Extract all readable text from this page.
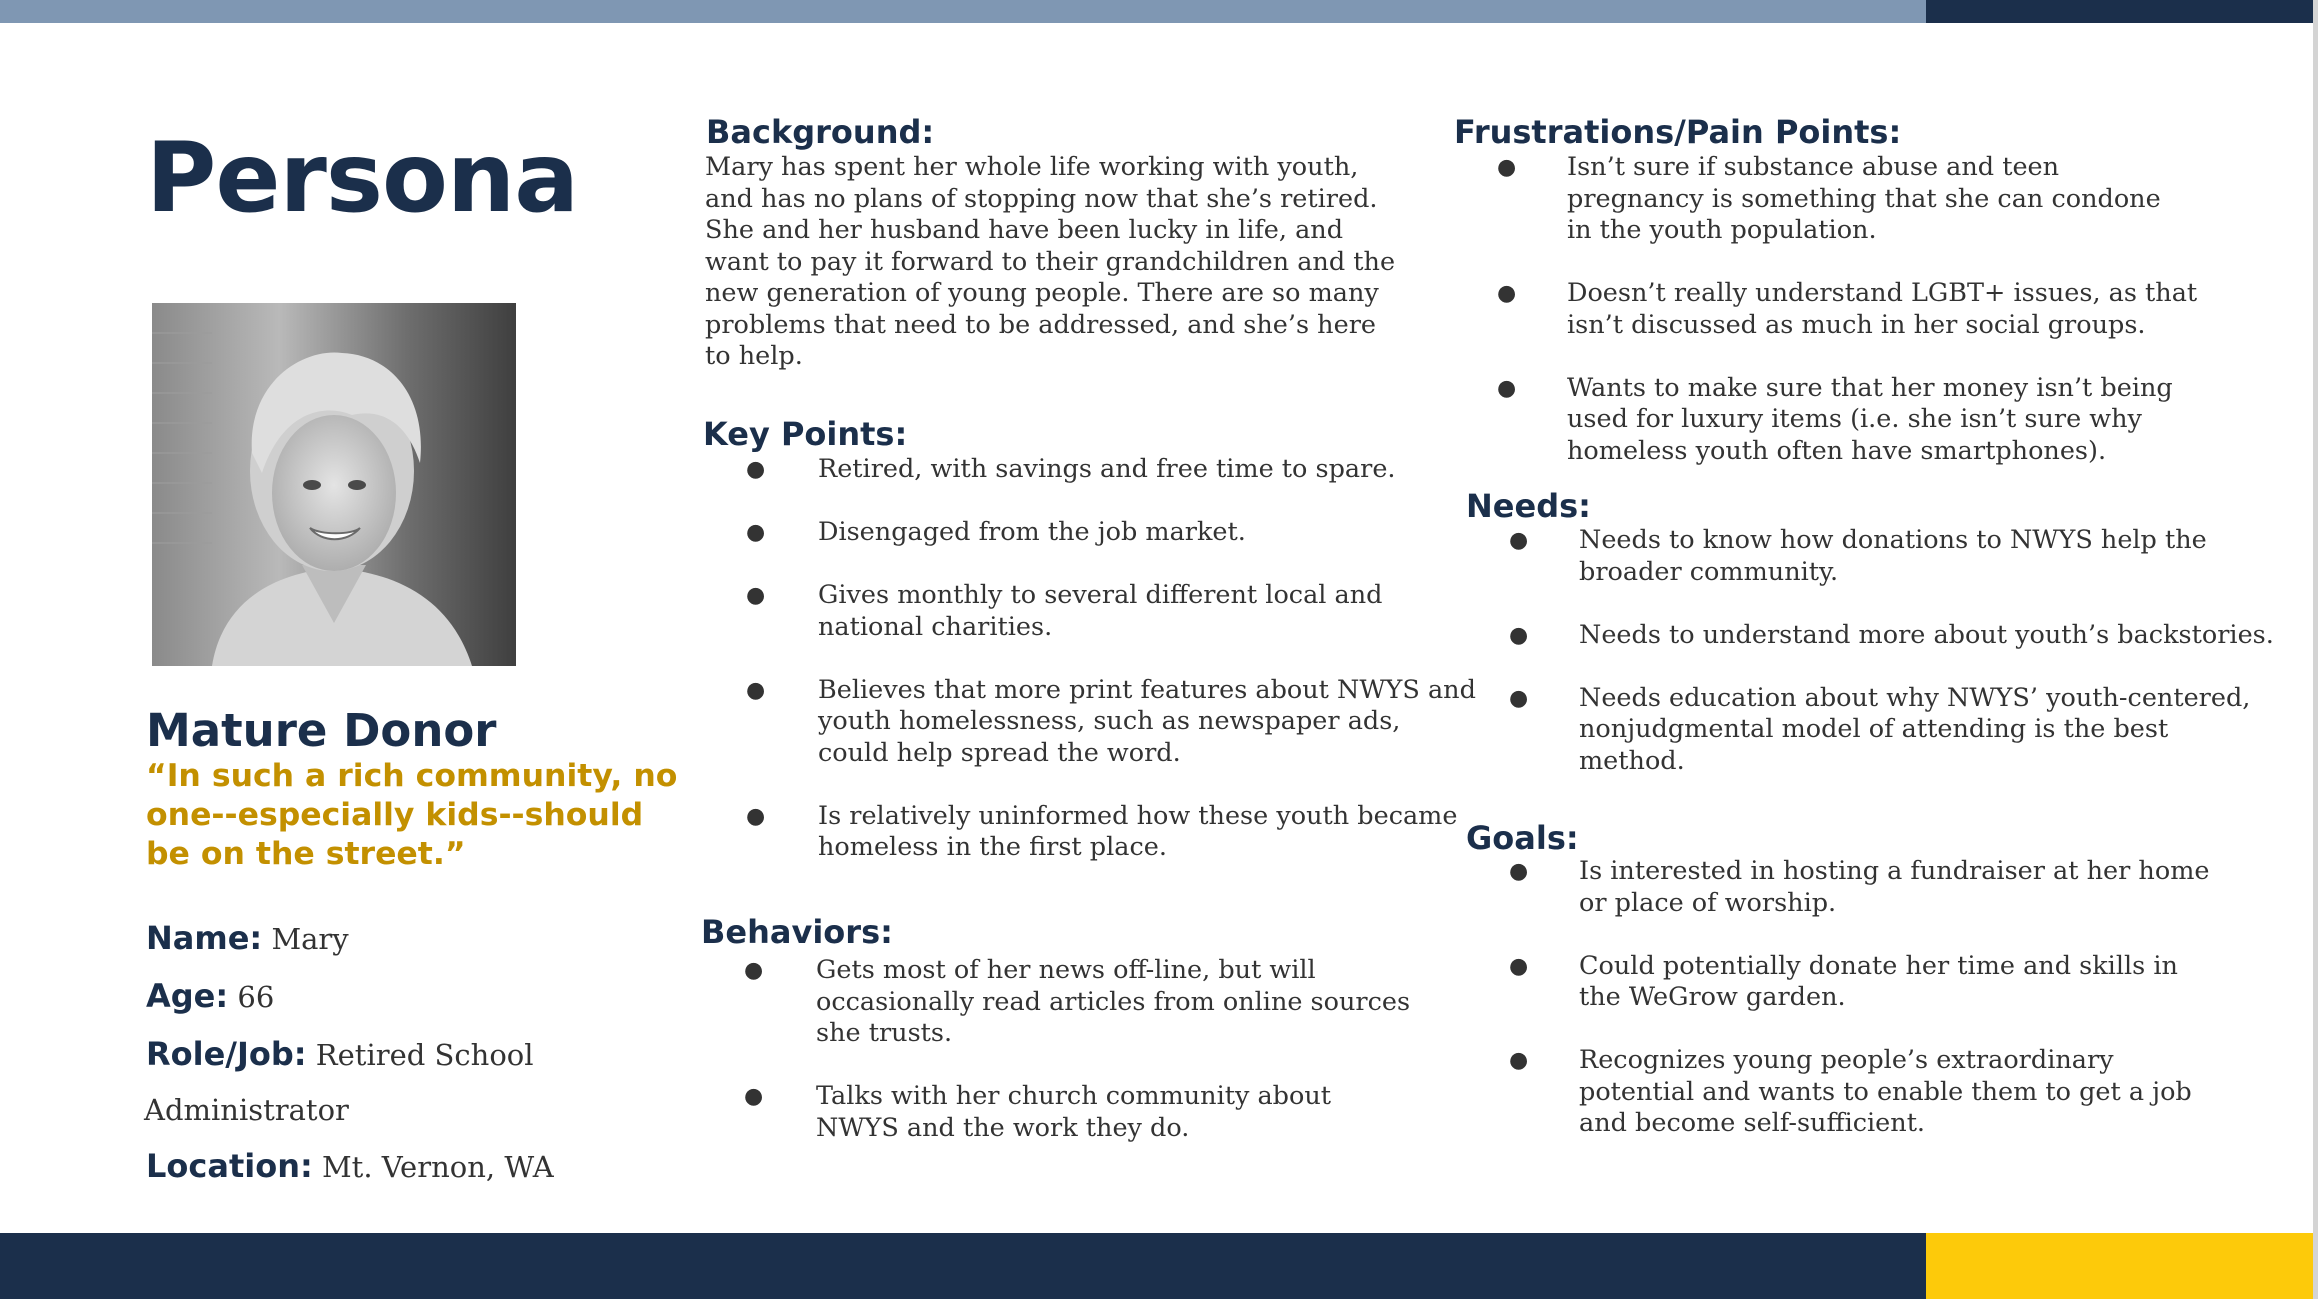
Persona
Mature Donor

“In such a rich community, no one--especially kids--should be on the street.”

Name: Mary
Age: 66
Role/Job: Retired School
Administrator
Location: Mt. Vernon, WA
Background:
Mary has spent her whole life working with youth,
and has no plans of stopping now that she’s retired.
She and her husband have been lucky in life, and
want to pay it forward to their grandchildren and the
new generation of young people. There are so many
problems that need to be addressed, and she’s here
to help.
Key Points:
● Retired, with savings and free time to spare.
● Disengaged from the job market.
● Gives monthly to several different local and
national charities.
● Believes that more print features about NWYS and
youth homelessness, such as newspaper ads,
could help spread the word.
● Is relatively uninformed how these youth became
homeless in the first place.
Behaviors:
● Gets most of her news off-line, but will
occasionally read articles from online sources
she trusts.
● Talks with her church community about
NWYS and the work they do.
Frustrations/Pain Points:
● Isn’t sure if substance abuse and teen
pregnancy is something that she can condone
in the youth population.
● Doesn’t really understand LGBT+ issues, as that
isn’t discussed as much in her social groups.
● Wants to make sure that her money isn’t being
used for luxury items (i.e. she isn’t sure why
homeless youth often have smartphones).
Needs:
● Needs to know how donations to NWYS help the
broader community.
● Needs to understand more about youth’s backstories.
● Needs education about why NWYS’ youth-centered,
nonjudgmental model of attending is the best
method.
Goals:
● Is interested in hosting a fundraiser at her home
or place of worship.
● Could potentially donate her time and skills in
the WeGrow garden.
● Recognizes young people’s extraordinary
potential and wants to enable them to get a job
and become self-sufficient.
